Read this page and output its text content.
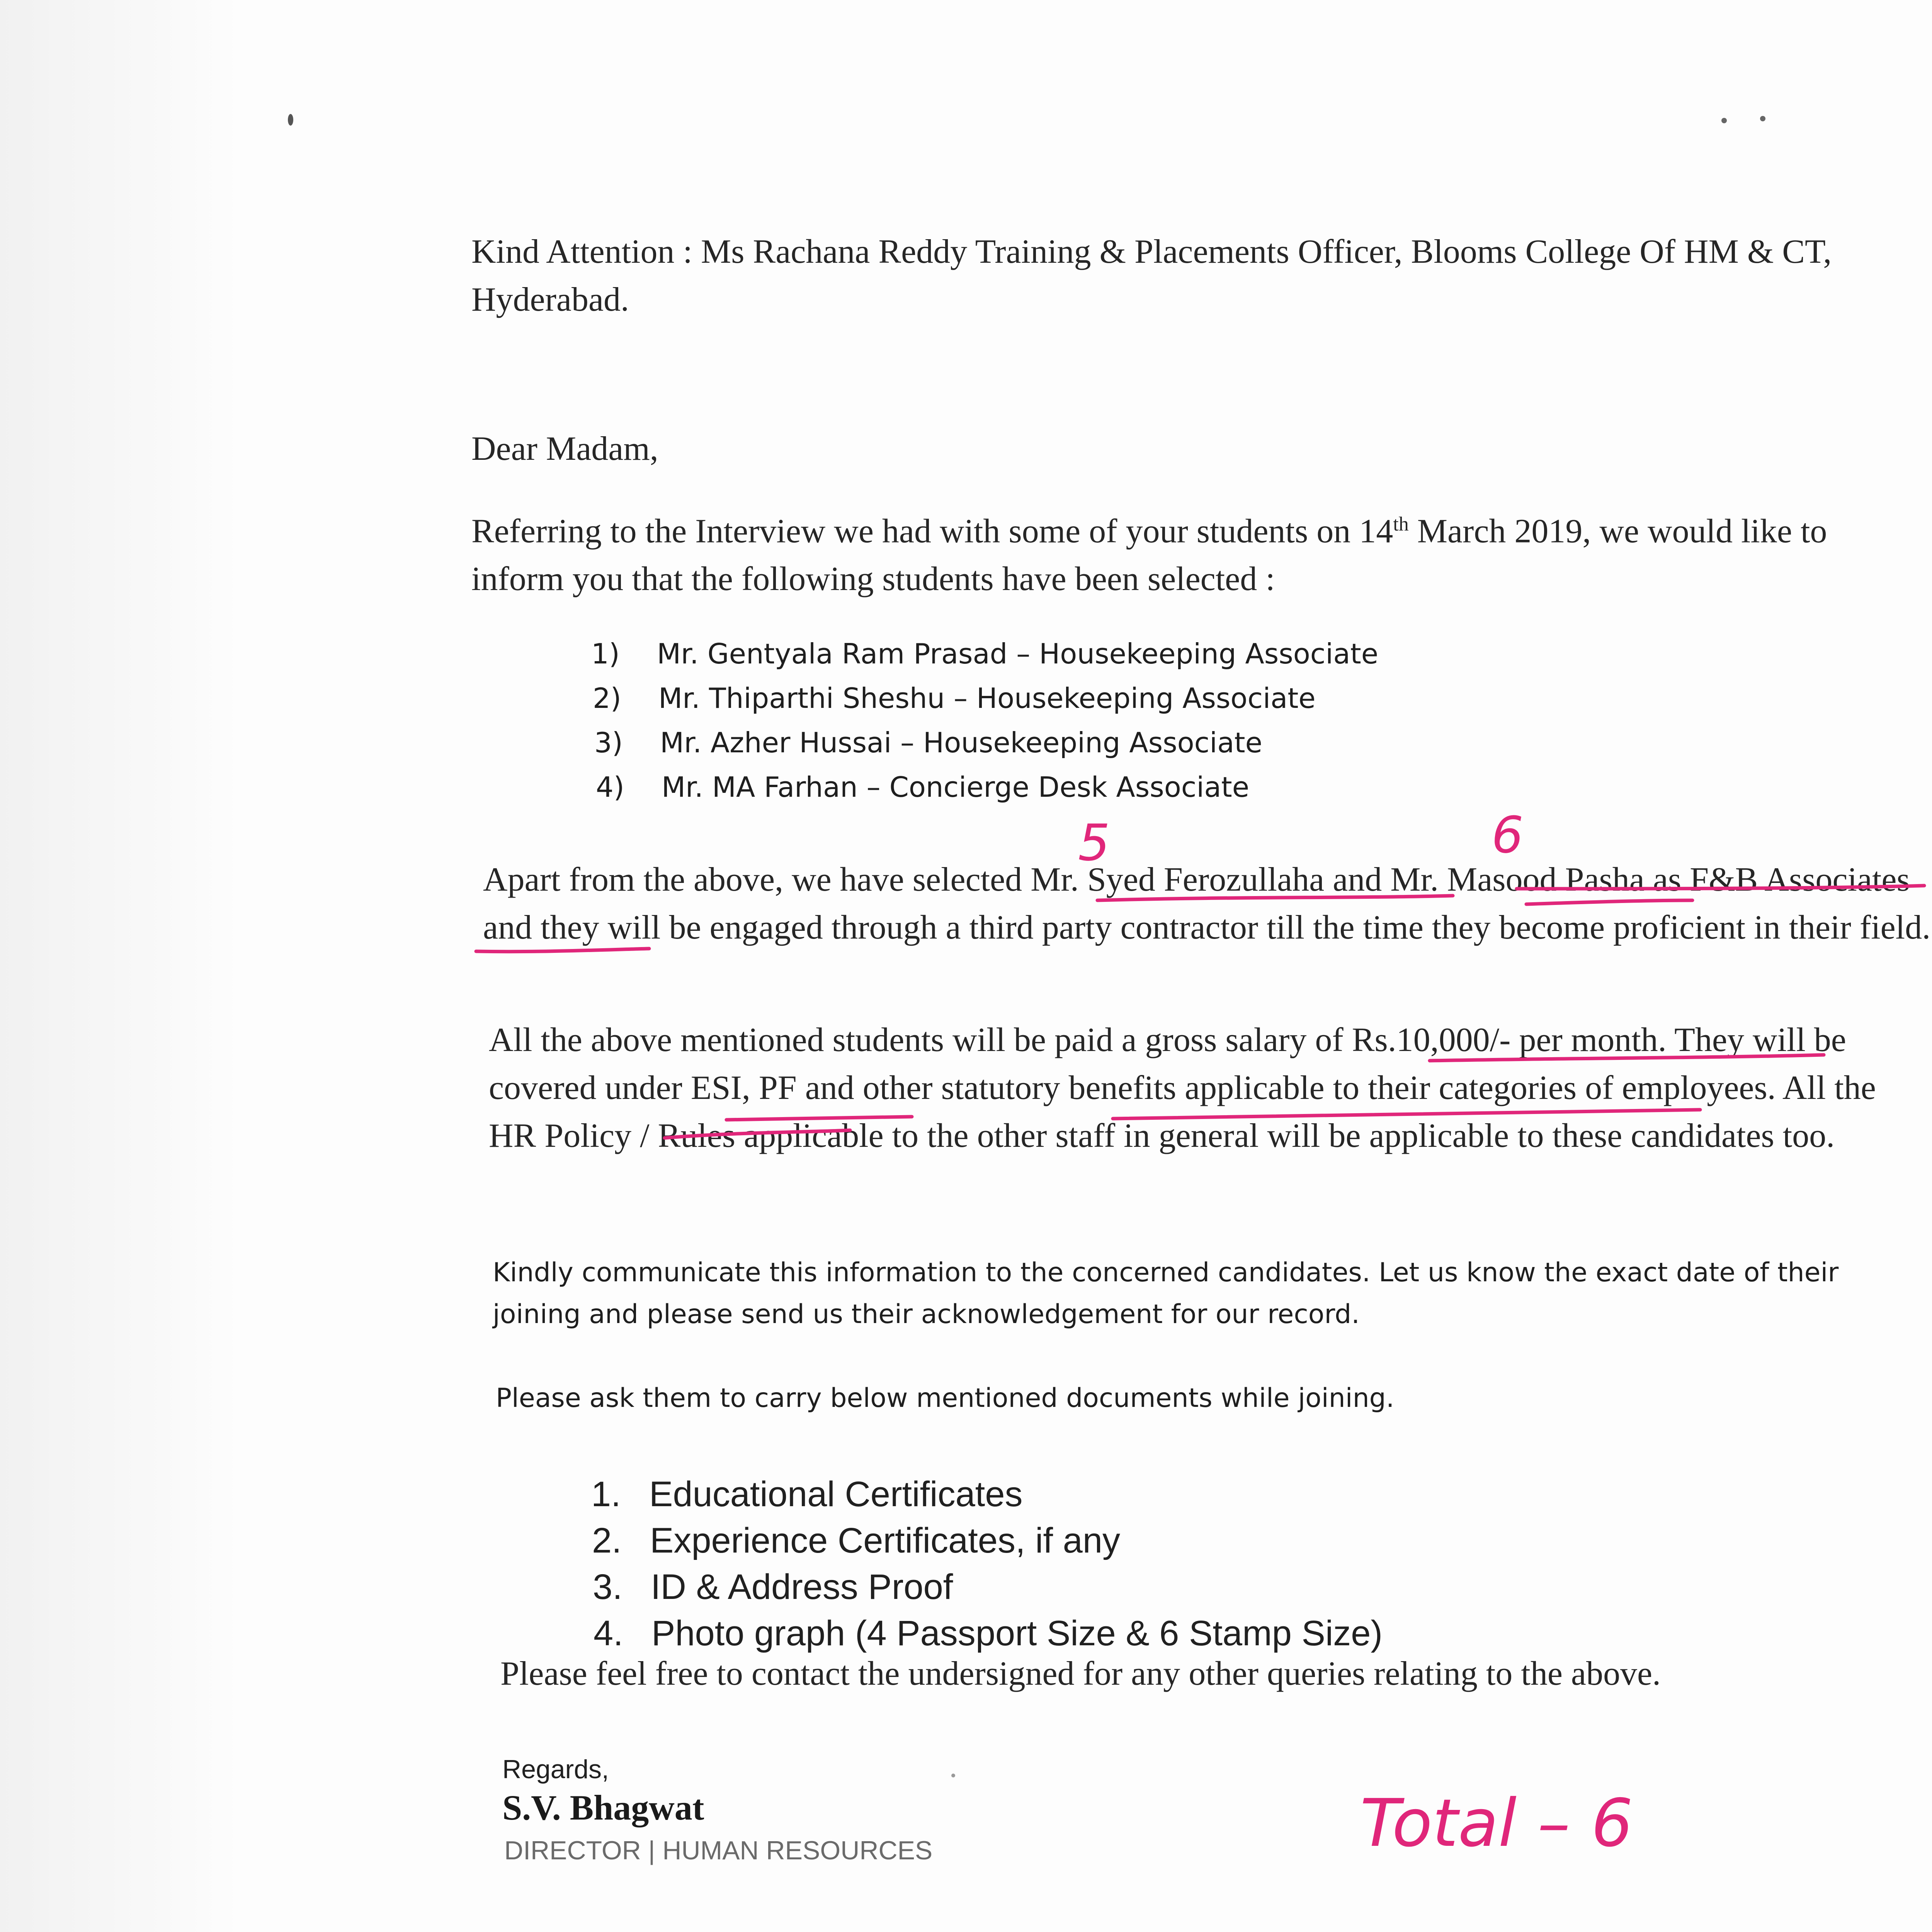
Kind Attention : Ms Rachana Reddy Training & Placements Officer, Blooms College Of HM & CT, Hyderabad.

Dear Madam,

Referring to the Interview we had with some of your students on 14th March 2019, we would like to inform you that the following students have been selected :

1) Mr. Gentyala Ram Prasad – Housekeeping Associate
2) Mr. Thiparthi Sheshu – Housekeeping Associate
3) Mr. Azher Hussai – Housekeeping Associate
4) Mr. MA Farhan – Concierge Desk Associate

Apart from the above, we have selected Mr. Syed Ferozullaha and Mr. Masood Pasha as F&B Associates and they will be engaged through a third party contractor till the time they become proficient in their field.

All the above mentioned students will be paid a gross salary of Rs.10,000/- per month. They will be covered under ESI, PF and other statutory benefits applicable to their categories of employees. All the HR Policy / Rules applicable to the other staff in general will be applicable to these candidates too.

Kindly communicate this information to the concerned candidates. Let us know the exact date of their joining and please send us their acknowledgement for our record.

Please ask them to carry below mentioned documents while joining.

1. Educational Certificates
2. Experience Certificates, if any
3. ID & Address Proof
4. Photo graph (4 Passport Size & 6 Stamp Size)

Please feel free to contact the undersigned for any other queries relating to the above.

Regards,
S.V. Bhagwat
DIRECTOR | HUMAN RESOURCES
5	6
Total – 6
